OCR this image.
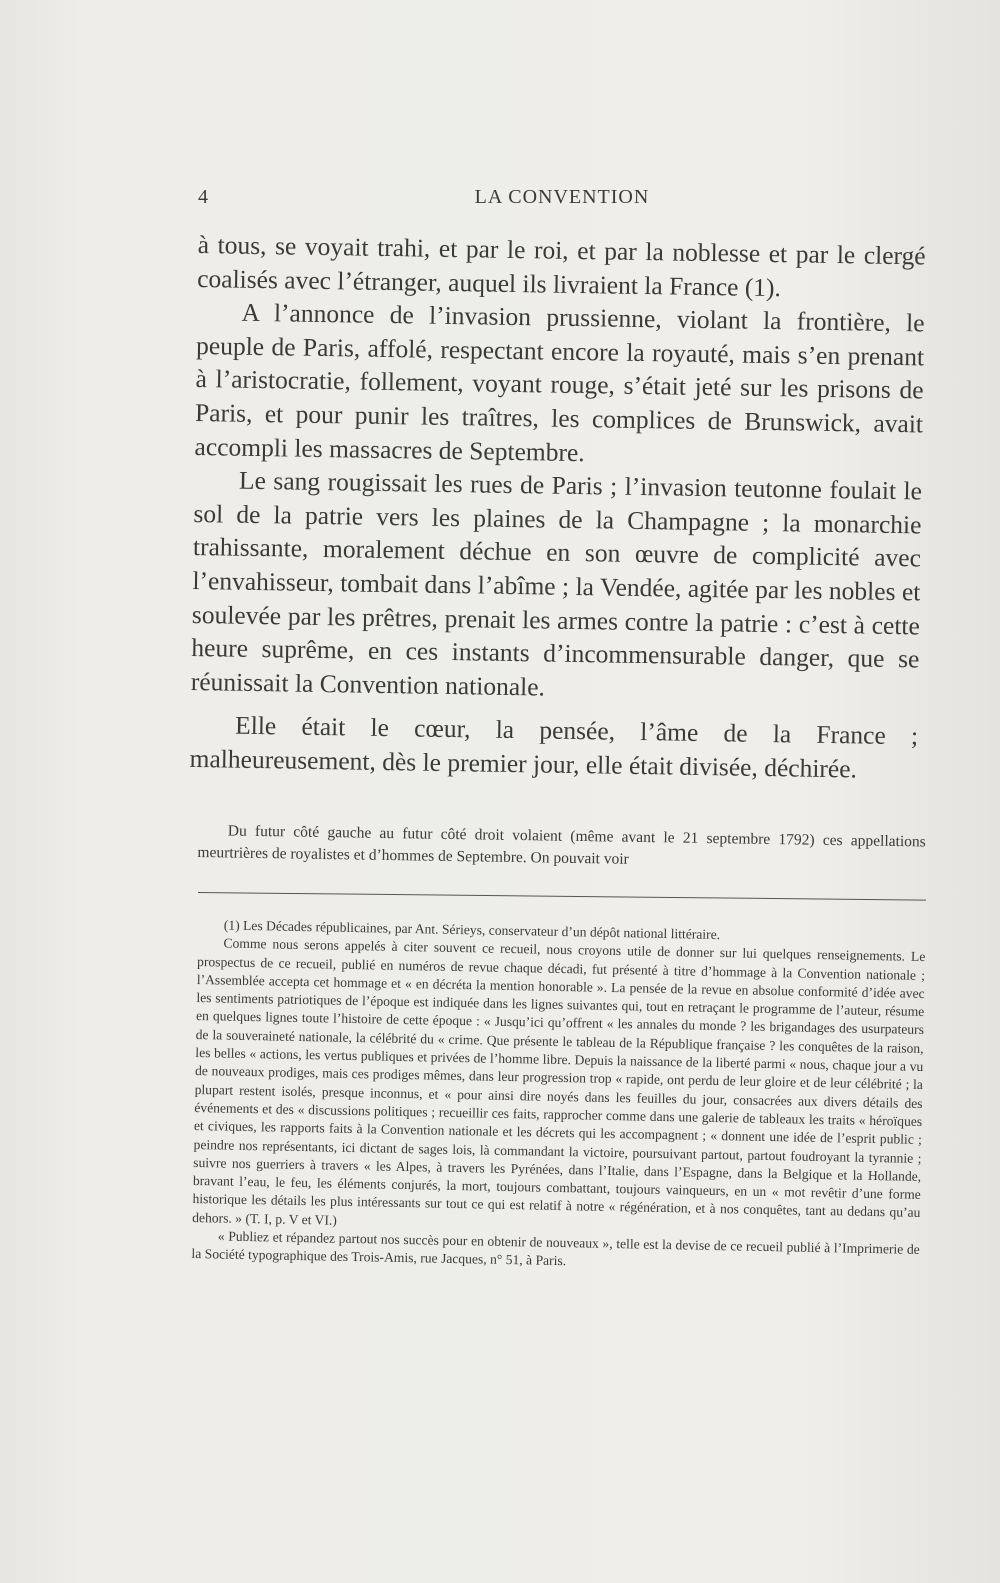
4	LA CONVENTION

à tous, se voyait trahi, et par le roi, et par la noblesse et par le clergé coalisés avec l’étranger, auquel ils livraient la France (1).

A l’annonce de l’invasion prussienne, violant la frontière, le peuple de Paris, affolé, respectant encore la royauté, mais s’en prenant à l’aristocratie, follement, voyant rouge, s’était jeté sur les prisons de Paris, et pour punir les traîtres, les complices de Brunswick, avait accompli les massacres de Septembre.

Le sang rougissait les rues de Paris ; l’invasion teutonne foulait le sol de la patrie vers les plaines de la Champagne ; la monarchie trahissante, moralement déchue en son œuvre de complicité avec l’envahisseur, tombait dans l’abîme ; la Vendée, agitée par les nobles et soulevée par les prêtres, prenait les armes contre la patrie : c’est à cette heure suprême, en ces instants d’incommensurable danger, que se réunissait la Convention nationale.

Elle était le cœur, la pensée, l’âme de la France ; malheureusement, dès le premier jour, elle était divisée, déchirée.

Du futur côté gauche au futur côté droit volaient (même avant le 21 septembre 1792) ces appellations meurtrières de royalistes et d’hommes de Septembre. On pouvait voir

(1) Les Décades républicaines, par Ant. Sérieys, conservateur d’un dépôt national littéraire.

Comme nous serons appelés à citer souvent ce recueil, nous croyons utile de donner sur lui quelques renseignements. Le prospectus de ce recueil, publié en numéros de revue chaque décadi, fut présenté à titre d’hommage à la Convention nationale ; l’Assemblée accepta cet hommage et « en décréta la mention honorable ». La pensée de la revue en absolue conformité d’idée avec les sentiments patriotiques de l’époque est indiquée dans les lignes suivantes qui, tout en retraçant le programme de l’auteur, résume en quelques lignes toute l’histoire de cette époque : « Jusqu’ici qu’offrent « les annales du monde ? les brigandages des usurpateurs de la souveraineté nationale, la célébrité du « crime. Que présente le tableau de la République française ? les conquêtes de la raison, les belles « actions, les vertus publiques et privées de l’homme libre. Depuis la naissance de la liberté parmi « nous, chaque jour a vu de nouveaux prodiges, mais ces prodiges mêmes, dans leur progression trop « rapide, ont perdu de leur gloire et de leur célébrité ; la plupart restent isolés, presque inconnus, et « pour ainsi dire noyés dans les feuilles du jour, consacrées aux divers détails des événements et des « discussions politiques ; recueillir ces faits, rapprocher comme dans une galerie de tableaux les traits « héroïques et civiques, les rapports faits à la Convention nationale et les décrets qui les accompagnent ; « donnent une idée de l’esprit public ; peindre nos représentants, ici dictant de sages lois, là commandant la victoire, poursuivant partout, partout foudroyant la tyrannie ; suivre nos guerriers à travers « les Alpes, à travers les Pyrénées, dans l’Italie, dans l’Espagne, dans la Belgique et la Hollande, bravant l’eau, le feu, les éléments conjurés, la mort, toujours combattant, toujours vainqueurs, en un « mot revêtir d’une forme historique les détails les plus intéressants sur tout ce qui est relatif à notre « régénération, et à nos conquêtes, tant au dedans qu’au dehors. » (T. I, p. V et VI.)

« Publiez et répandez partout nos succès pour en obtenir de nouveaux », telle est la devise de ce recueil publié à l’Imprimerie de la Société typographique des Trois-Amis, rue Jacques, n° 51, à Paris.
